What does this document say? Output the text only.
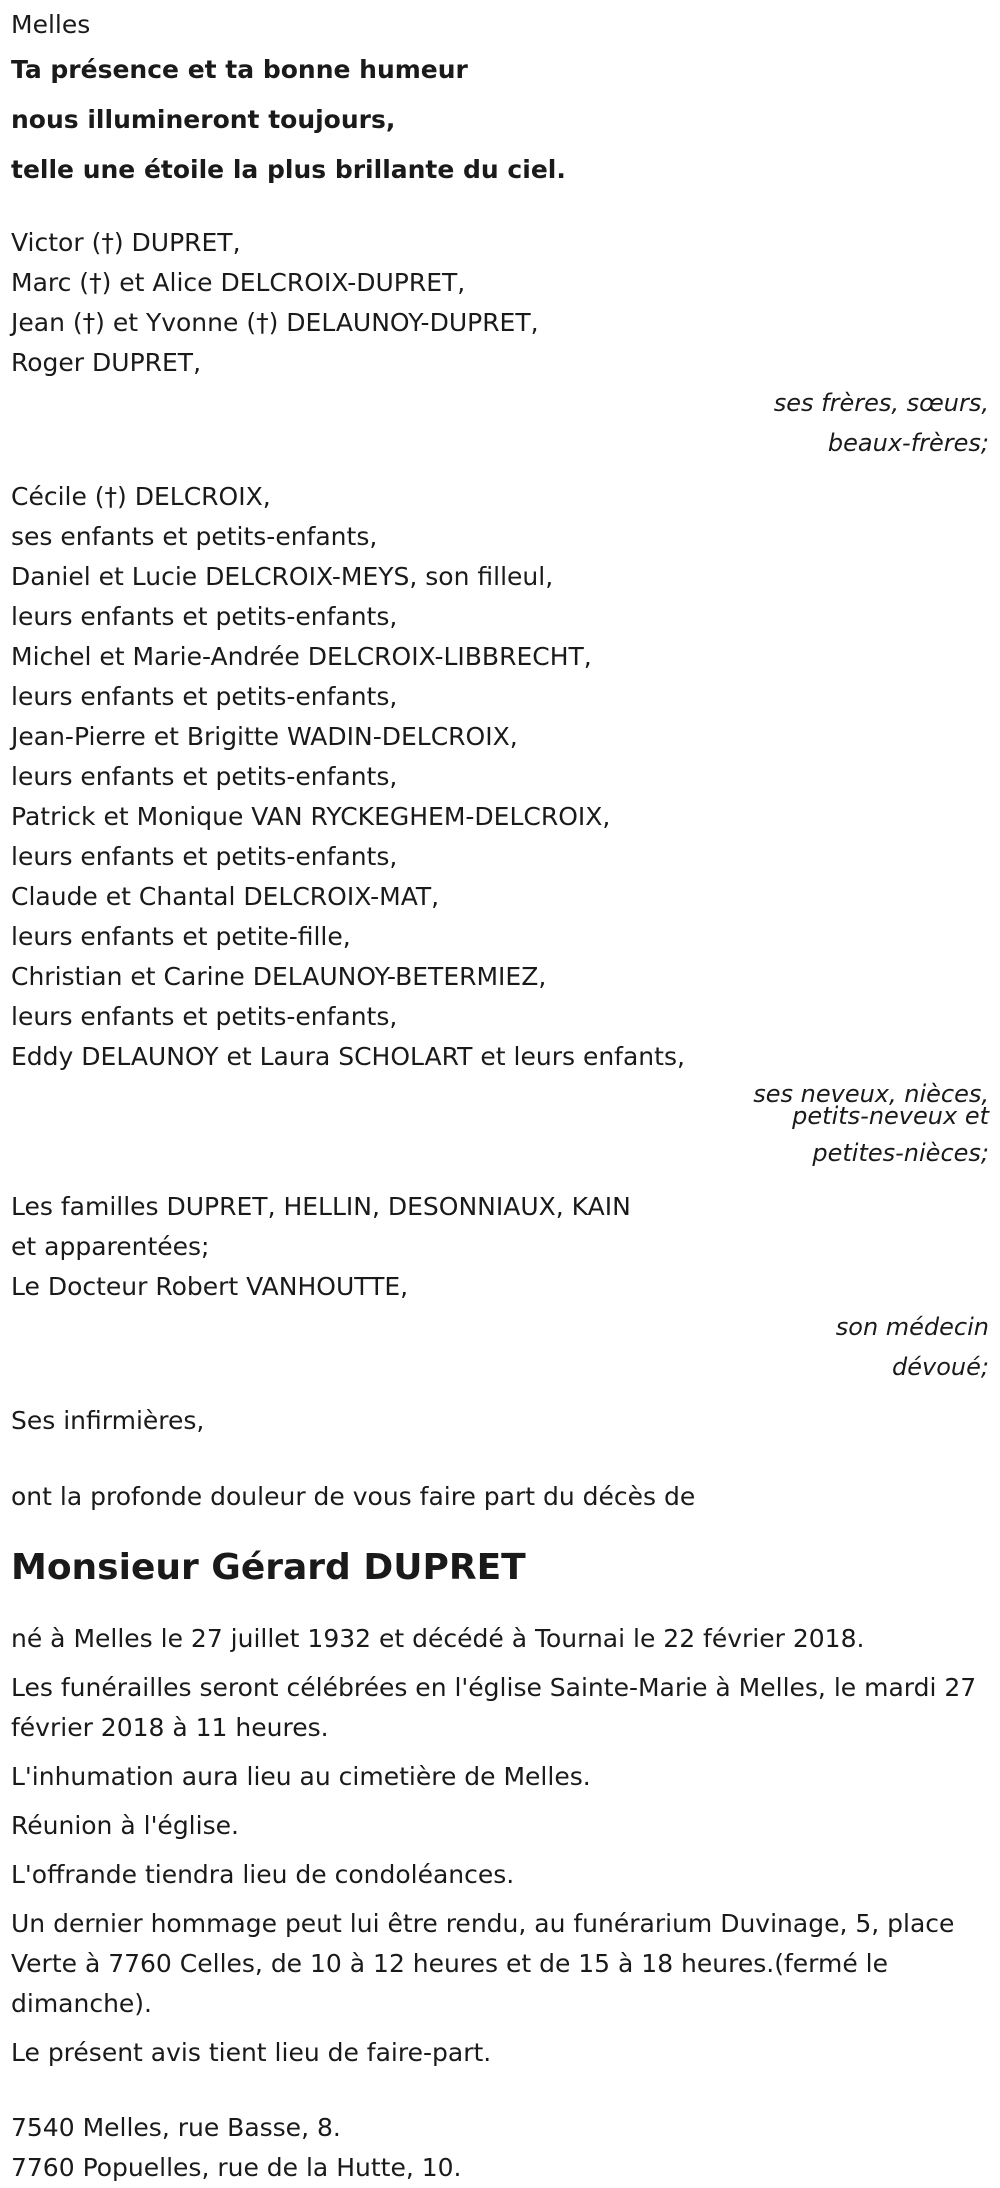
Melles
Ta présence et ta bonne humeur
nous illumineront toujours,
telle une étoile la plus brillante du ciel.
Victor (†) DUPRET,
Marc (†) et Alice DELCROIX-DUPRET,
Jean (†) et Yvonne (†) DELAUNOY-DUPRET,
Roger DUPRET,
ses frères, sœurs,
beaux-frères;
Cécile (†) DELCROIX,
ses enfants et petits-enfants,
Daniel et Lucie DELCROIX-MEYS, son filleul,
leurs enfants et petits-enfants,
Michel et Marie-Andrée DELCROIX-LIBBRECHT,
leurs enfants et petits-enfants,
Jean-Pierre et Brigitte WADIN-DELCROIX,
leurs enfants et petits-enfants,
Patrick et Monique VAN RYCKEGHEM-DELCROIX,
leurs enfants et petits-enfants,
Claude et Chantal DELCROIX-MAT,
leurs enfants et petite-fille,
Christian et Carine DELAUNOY-BETERMIEZ,
leurs enfants et petits-enfants,
Eddy DELAUNOY et Laura SCHOLART et leurs enfants,
ses neveux, nièces,
petits-neveux et
petites-nièces;
Les familles DUPRET, HELLIN, DESONNIAUX, KAIN
et apparentées;
Le Docteur Robert VANHOUTTE,
son médecin
dévoué;
Ses infirmières,
ont la profonde douleur de vous faire part du décès de
Monsieur Gérard DUPRET
né à Melles le 27 juillet 1932 et décédé à Tournai le 22 février 2018.
Les funérailles seront célébrées en l'église Sainte-Marie à Melles, le mardi 27 février 2018 à 11 heures.
L'inhumation aura lieu au cimetière de Melles.
Réunion à l'église.
L'offrande tiendra lieu de condoléances.
Un dernier hommage peut lui être rendu, au funérarium Duvinage, 5, place Verte à 7760 Celles, de 10 à 12 heures et de 15 à 18 heures.(fermé le dimanche).
Le présent avis tient lieu de faire-part.
7540 Melles, rue Basse, 8.
7760 Popuelles, rue de la Hutte, 10.
